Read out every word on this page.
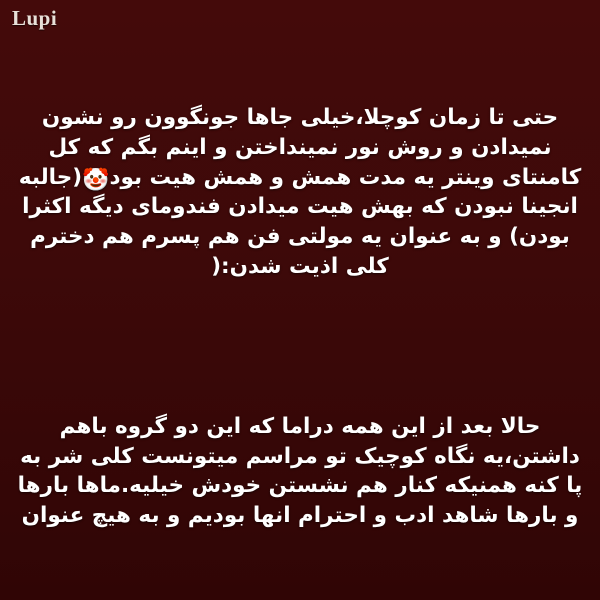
Lupi

حتی تا زمان کوچلا،خیلی جاها جونگوون رو نشون نمیدادن و روش نور نمینداختن و اینم بگم که کل کامنتای وینتر یه مدت همش و همش هیت بود🤡(جالبه انجینا نبودن که بهش هیت میدادن فندومای دیگه اکثرا بودن) و به عنوان یه مولتی فن هم پسرم هم دخترم کلی اذیت شدن:(

حالا بعد از این همه دراما که این دو گروه باهم داشتن،یه نگاه کوچیک تو مراسم میتونست کلی شر به پا کنه همنیکه کنار هم نشستن خودش خیلیه.ماها بارها و بارها شاهد ادب و احترام انها بودیم و به هیچ عنوان
